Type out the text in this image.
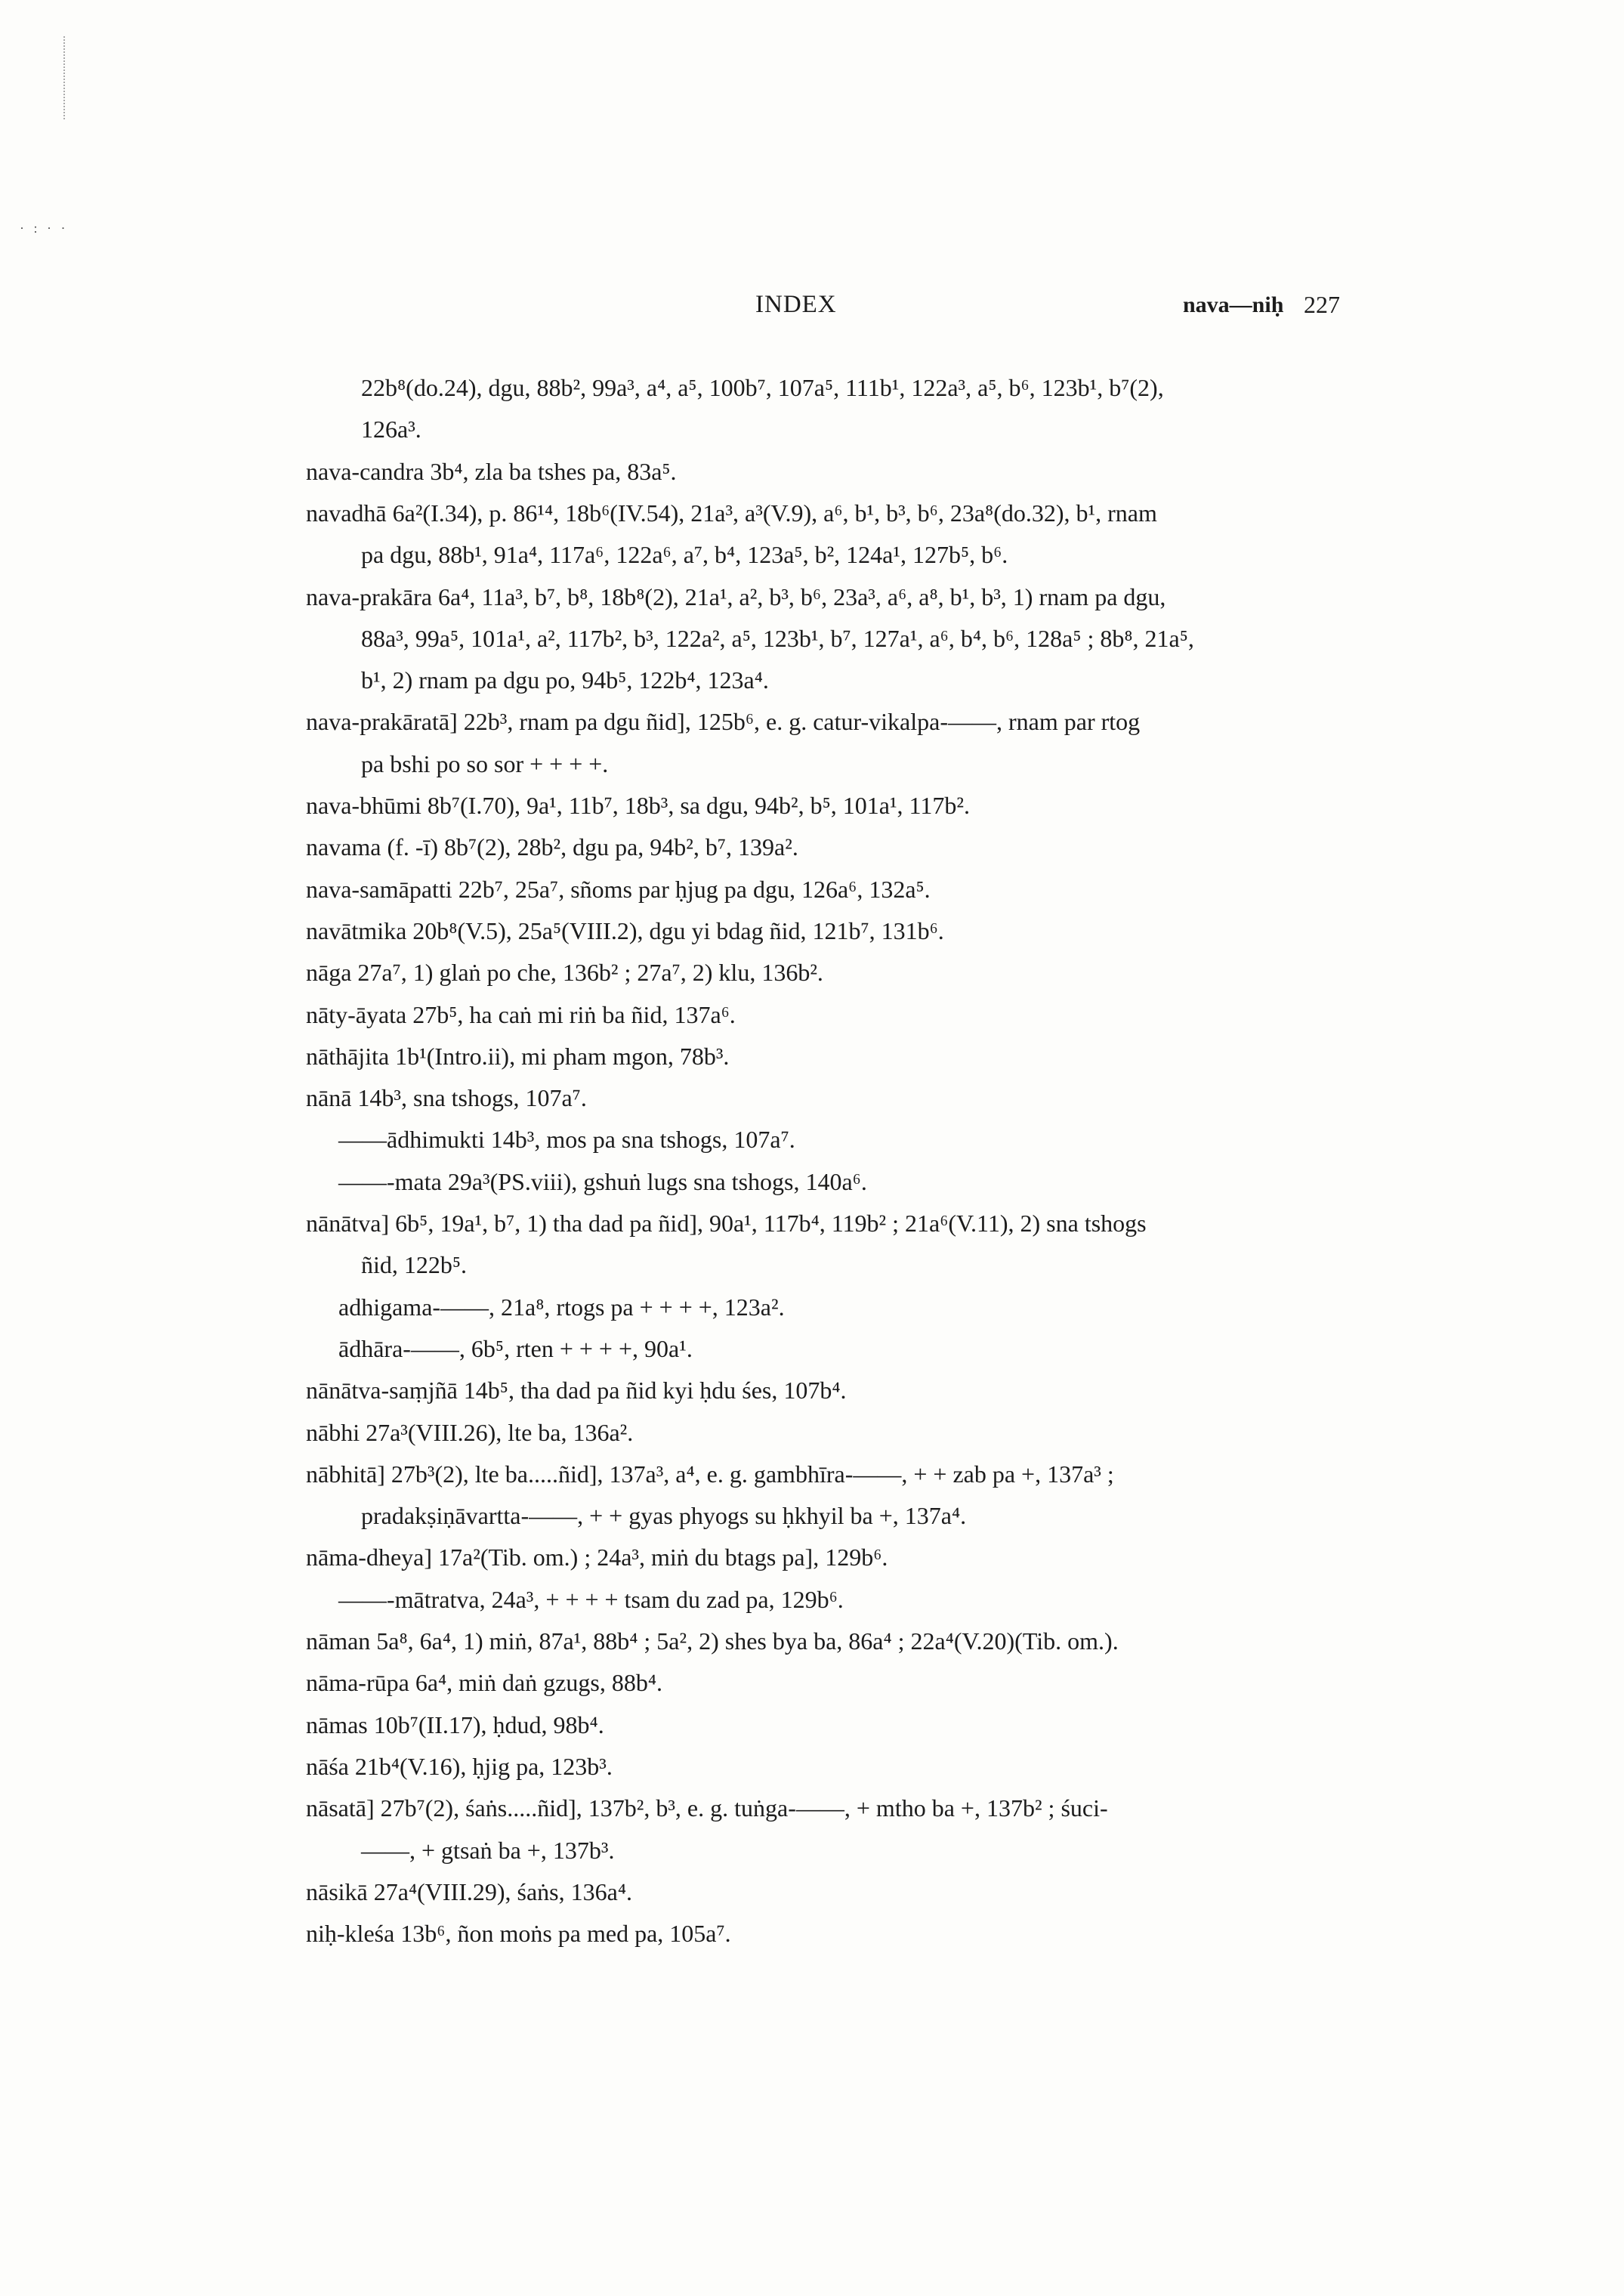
· : · ·
INDEX	nava—niḥ 227
22b⁸(do.24), dgu, 88b², 99a³, a⁴, a⁵, 100b⁷, 107a⁵, 111b¹, 122a³, a⁵, b⁶, 123b¹, b⁷(2),
126a³.
nava-candra 3b⁴, zla ba tshes pa, 83a⁵.
navadhā 6a²(I.34), p. 86¹⁴, 18b⁶(IV.54), 21a³, a³(V.9), a⁶, b¹, b³, b⁶, 23a⁸(do.32), b¹, rnam
pa dgu, 88b¹, 91a⁴, 117a⁶, 122a⁶, a⁷, b⁴, 123a⁵, b², 124a¹, 127b⁵, b⁶.
nava-prakāra 6a⁴, 11a³, b⁷, b⁸, 18b⁸(2), 21a¹, a², b³, b⁶, 23a³, a⁶, a⁸, b¹, b³, 1) rnam pa dgu,
88a³, 99a⁵, 101a¹, a², 117b², b³, 122a², a⁵, 123b¹, b⁷, 127a¹, a⁶, b⁴, b⁶, 128a⁵ ; 8b⁸, 21a⁵,
b¹, 2) rnam pa dgu po, 94b⁵, 122b⁴, 123a⁴.
nava-prakāratā] 22b³, rnam pa dgu ñid], 125b⁶, e. g. catur-vikalpa-——, rnam par rtog
pa bshi po so sor + + + +.
nava-bhūmi 8b⁷(I.70), 9a¹, 11b⁷, 18b³, sa dgu, 94b², b⁵, 101a¹, 117b².
navama (f. -ī) 8b⁷(2), 28b², dgu pa, 94b², b⁷, 139a².
nava-samāpatti 22b⁷, 25a⁷, sñoms par ḥjug pa dgu, 126a⁶, 132a⁵.
navātmika 20b⁸(V.5), 25a⁵(VIII.2), dgu yi bdag ñid, 121b⁷, 131b⁶.
nāga 27a⁷, 1) glaṅ po che, 136b² ; 27a⁷, 2) klu, 136b².
nāty-āyata 27b⁵, ha caṅ mi riṅ ba ñid, 137a⁶.
nāthājita 1b¹(Intro.ii), mi pham mgon, 78b³.
nānā 14b³, sna tshogs, 107a⁷.
——ādhimukti 14b³, mos pa sna tshogs, 107a⁷.
——-mata 29a³(PS.viii), gshuṅ lugs sna tshogs, 140a⁶.
nānātva] 6b⁵, 19a¹, b⁷, 1) tha dad pa ñid], 90a¹, 117b⁴, 119b² ; 21a⁶(V.11), 2) sna tshogs
ñid, 122b⁵.
adhigama-——, 21a⁸, rtogs pa + + + +, 123a².
ādhāra-——, 6b⁵, rten + + + +, 90a¹.
nānātva-saṃjñā 14b⁵, tha dad pa ñid kyi ḥdu śes, 107b⁴.
nābhi 27a³(VIII.26), lte ba, 136a².
nābhitā] 27b³(2), lte ba.....ñid], 137a³, a⁴, e. g. gambhīra-——, + + zab pa +, 137a³ ;
pradakṣiṇāvartta-——, + + gyas phyogs su ḥkhyil ba +, 137a⁴.
nāma-dheya] 17a²(Tib. om.) ; 24a³, miṅ du btags pa], 129b⁶.
——-mātratva, 24a³, + + + + tsam du zad pa, 129b⁶.
nāman 5a⁸, 6a⁴, 1) miṅ, 87a¹, 88b⁴ ; 5a², 2) shes bya ba, 86a⁴ ; 22a⁴(V.20)(Tib. om.).
nāma-rūpa 6a⁴, miṅ daṅ gzugs, 88b⁴.
nāmas 10b⁷(II.17), ḥdud, 98b⁴.
nāśa 21b⁴(V.16), ḥjig pa, 123b³.
nāsatā] 27b⁷(2), śaṅs.....ñid], 137b², b³, e. g. tuṅga-——, + mtho ba +, 137b² ; śuci-
——, + gtsaṅ ba +, 137b³.
nāsikā 27a⁴(VIII.29), śaṅs, 136a⁴.
niḥ-kleśa 13b⁶, ñon moṅs pa med pa, 105a⁷.
